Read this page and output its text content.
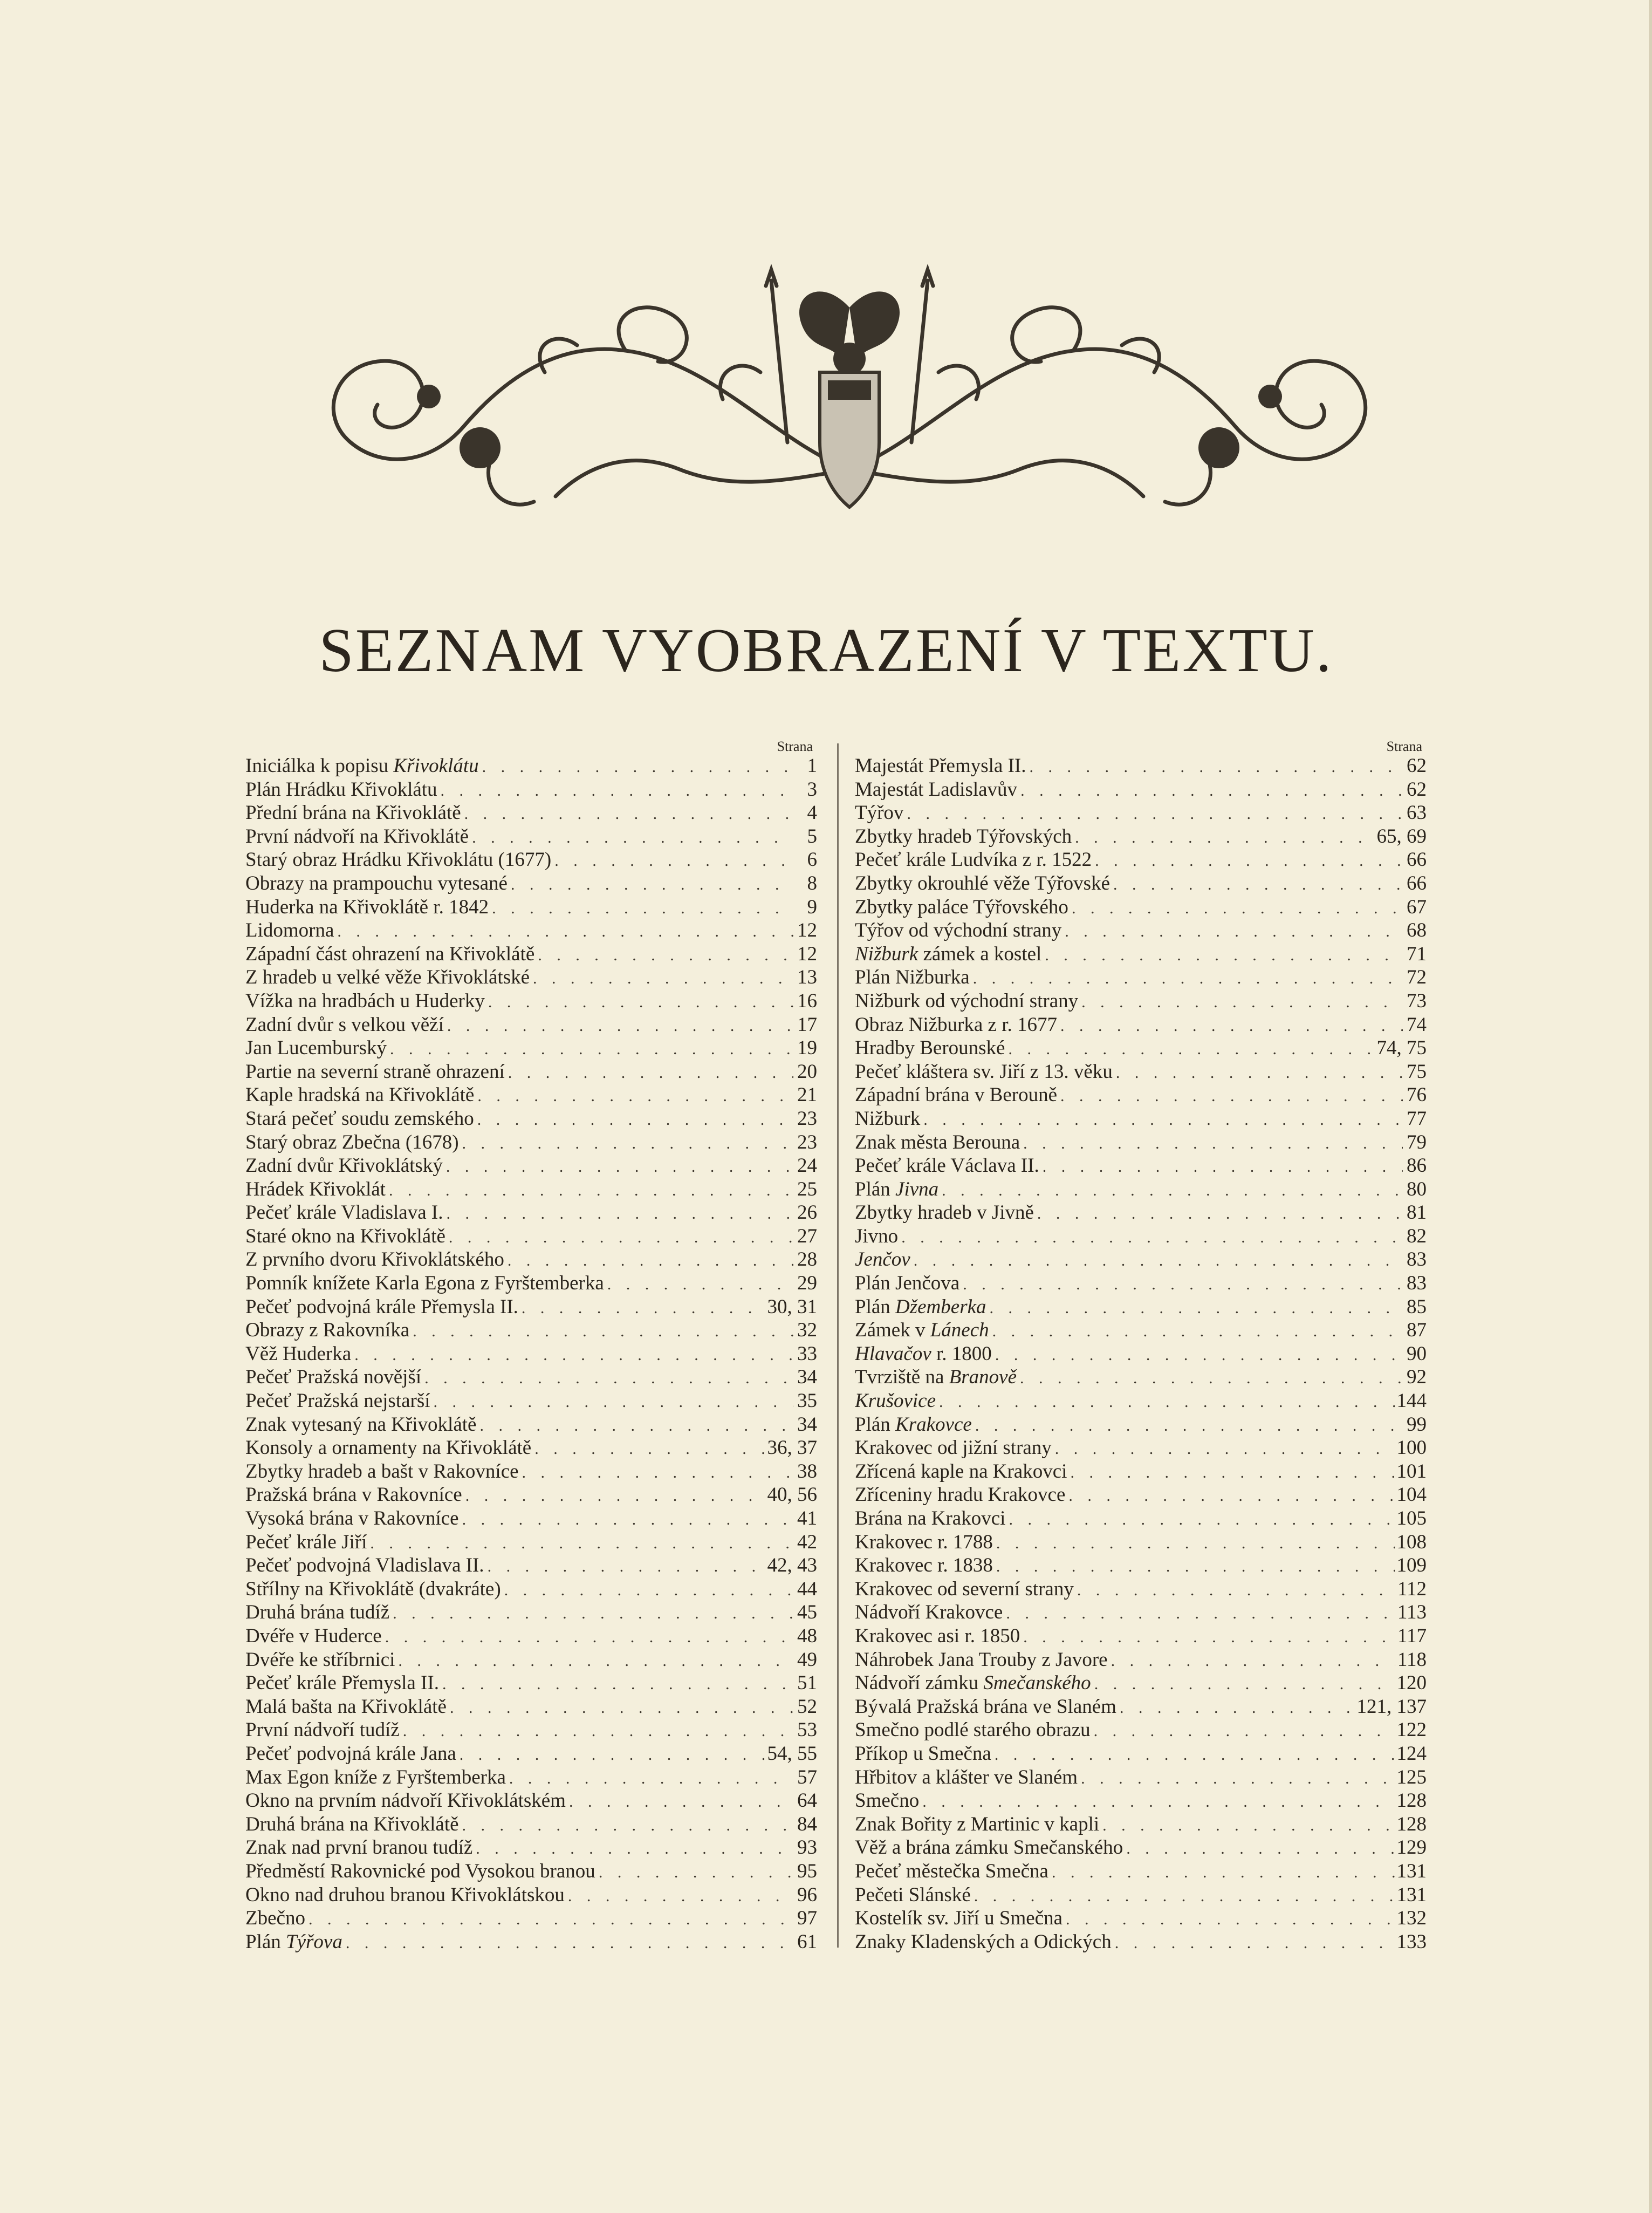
SEZNAM VYOBRAZENÍ V TEXTU.
Strana
Iniciálka k popisu Křivoklátu . . .	1
Plán Hrádku Křivoklátu . . .	3
Přední brána na Křivoklátě . . .	4
První nádvoří na Křivoklátě . . .	5
Starý obraz Hrádku Křivoklátu (1677) . . .	6
Obrazy na prampouchu vytesané . . .	8
Huderka na Křivoklátě r. 1842 . . .	9
Lidomorna . . .	12
Západní část ohrazení na Křivoklátě . . .	12
Z hradeb u velké věže Křivoklátské . . .	13
Vížka na hradbách u Huderky . . .	16
Zadní dvůr s velkou věží . . .	17
Jan Lucemburský . . .	19
Partie na severní straně ohrazení . . .	20
Kaple hradská na Křivoklátě . . .	21
Stará pečeť soudu zemského . . .	23
Starý obraz Zbečna (1678) . . .	23
Zadní dvůr Křivoklátský . . .	24
Hrádek Křivoklát . . .	25
Pečeť krále Vladislava I. . . .	26
Staré okno na Křivoklátě . . .	27
Z prvního dvoru Křivoklátského . . .	28
Pomník knížete Karla Egona z Fyrštemberka . . .	29
Pečeť podvojná krále Přemysla II. . . .	30, 31
Obrazy z Rakovníka . . .	32
Věž Huderka . . .	33
Pečeť Pražská novější . . .	34
Pečeť Pražská nejstarší . . .	35
Znak vytesaný na Křivoklátě . . .	34
Konsoly a ornamenty na Křivoklátě . . .	36, 37
Zbytky hradeb a bašt v Rakovníce . . .	38
Pražská brána v Rakovníce . . .	40, 56
Vysoká brána v Rakovníce . . .	41
Pečeť krále Jiří . . .	42
Pečeť podvojná Vladislava II. . . .	42, 43
Střílny na Křivoklátě (dvakráte) . . .	44
Druhá brána tudíž . . .	45
Dvéře v Huderce . . .	48
Dvéře ke stříbrnici . . .	49
Pečeť krále Přemysla II. . . .	51
Malá bašta na Křivoklátě . . .	52
První nádvoří tudíž . . .	53
Pečeť podvojná krále Jana . . .	54, 55
Max Egon kníže z Fyrštemberka . . .	57
Okno na prvním nádvoří Křivoklátském . . .	64
Druhá brána na Křivoklátě . . .	84
Znak nad první branou tudíž . . .	93
Předměstí Rakovnické pod Vysokou branou . . .	95
Okno nad druhou branou Křivoklátskou . . .	96
Zbečno . . .	97
Plán Týřova . . .	61
Strana
Majestát Přemysla II. . . .	62
Majestát Ladislavův . . .	62
Týřov . . .	63
Zbytky hradeb Týřovských . . .	65, 69
Pečeť krále Ludvíka z r. 1522 . . .	66
Zbytky okrouhlé věže Týřovské . . .	66
Zbytky paláce Týřovského . . .	67
Týřov od východní strany . . .	68
Nižburk zámek a kostel . . .	71
Plán Nižburka . . .	72
Nižburk od východní strany . . .	73
Obraz Nižburka z r. 1677 . . .	74
Hradby Berounské . . .	74, 75
Pečeť kláštera sv. Jiří z 13. věku . . .	75
Západní brána v Berouně . . .	76
Nižburk . . .	77
Znak města Berouna . . .	79
Pečeť krále Václava II. . . .	86
Plán Jivna . . .	80
Zbytky hradeb v Jivně . . .	81
Jivno . . .	82
Jenčov . . .	83
Plán Jenčova . . .	83
Plán Džemberka . . .	85
Zámek v Lánech . . .	87
Hlavačov r. 1800 . . .	90
Tvrziště na Branově . . .	92
Krušovice . . .	144
Plán Krakovce . . .	99
Krakovec od jižní strany . . .	100
Zřícená kaple na Krakovci . . .	101
Zříceniny hradu Krakovce . . .	104
Brána na Krakovci . . .	105
Krakovec r. 1788 . . .	108
Krakovec r. 1838 . . .	109
Krakovec od severní strany . . .	112
Nádvoří Krakovce . . .	113
Krakovec asi r. 1850 . . .	117
Náhrobek Jana Trouby z Javore . . .	118
Nádvoří zámku Smečanského . . .	120
Bývalá Pražská brána ve Slaném . . .	121, 137
Smečno podlé starého obrazu . . .	122
Příkop u Smečna . . .	124
Hřbitov a klášter ve Slaném . . .	125
Smečno . . .	128
Znak Bořity z Martinic v kapli . . .	128
Věž a brána zámku Smečanského . . .	129
Pečeť městečka Smečna . . .	131
Pečeti Slánské . . .	131
Kostelík sv. Jiří u Smečna . . .	132
Znaky Kladenských a Odických . . .	133
